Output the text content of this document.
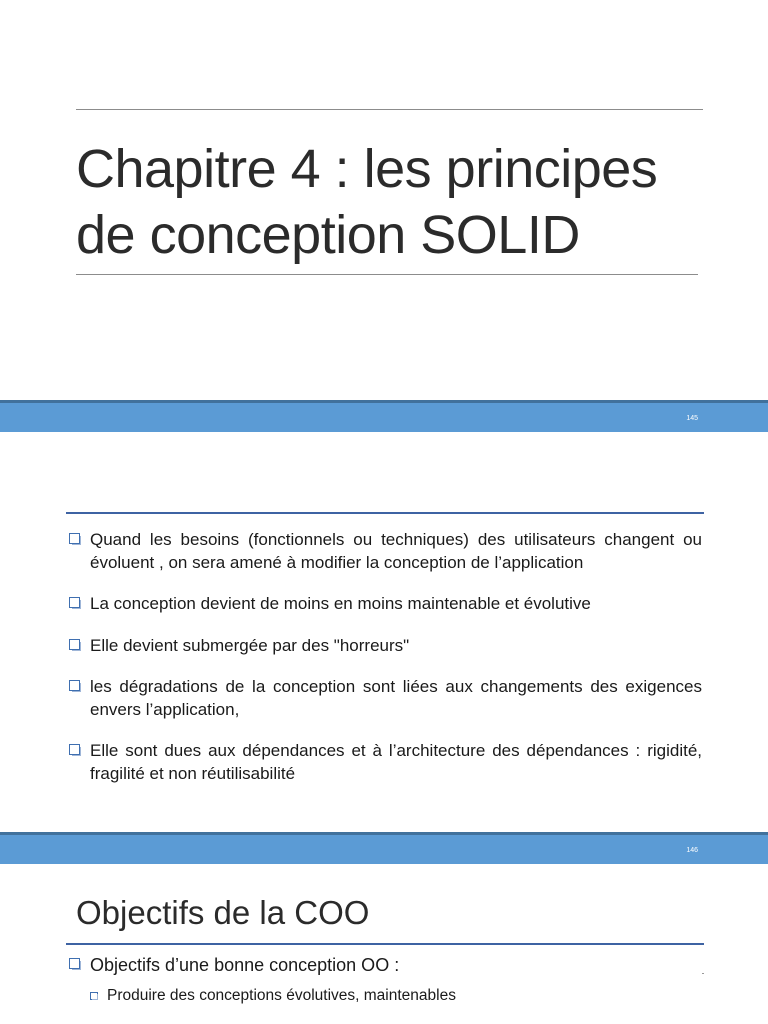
Chapitre 4 : les principes
de conception SOLID
145
Quand les besoins (fonctionnels ou techniques) des utilisateurs changent ou évoluent , on sera amené à modifier la conception de l’application
La conception devient de moins en moins maintenable et évolutive
Elle devient submergée par des "horreurs"
les dégradations de la conception sont liées aux changements des exigences envers l’application,
Elle sont dues aux dépendances et à l’architecture des dépendances : rigidité, fragilité et non réutilisabilité
146
Objectifs de la COO
Objectifs d’une bonne conception OO :
Produire des conceptions évolutives, maintenables
